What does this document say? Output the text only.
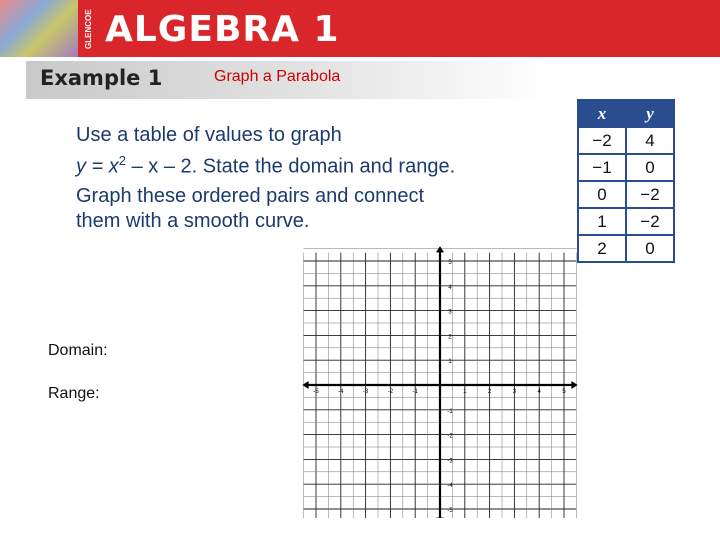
GLENCOE ALGEBRA 1
Example 1	Graph a Parabola
Use a table of values to graph
$y = x^2 - x - 2$. State the domain and range.
Graph these ordered pairs and connect
them with a smooth curve.
Domain:
Range:	-5	-4	-3	-2	-1	1	2	3	4	5
-5
-4
-3
-2
-1
1
2
3
4
5
x	y
−2	4
−1	0
0	−2
1	−2
2	0
